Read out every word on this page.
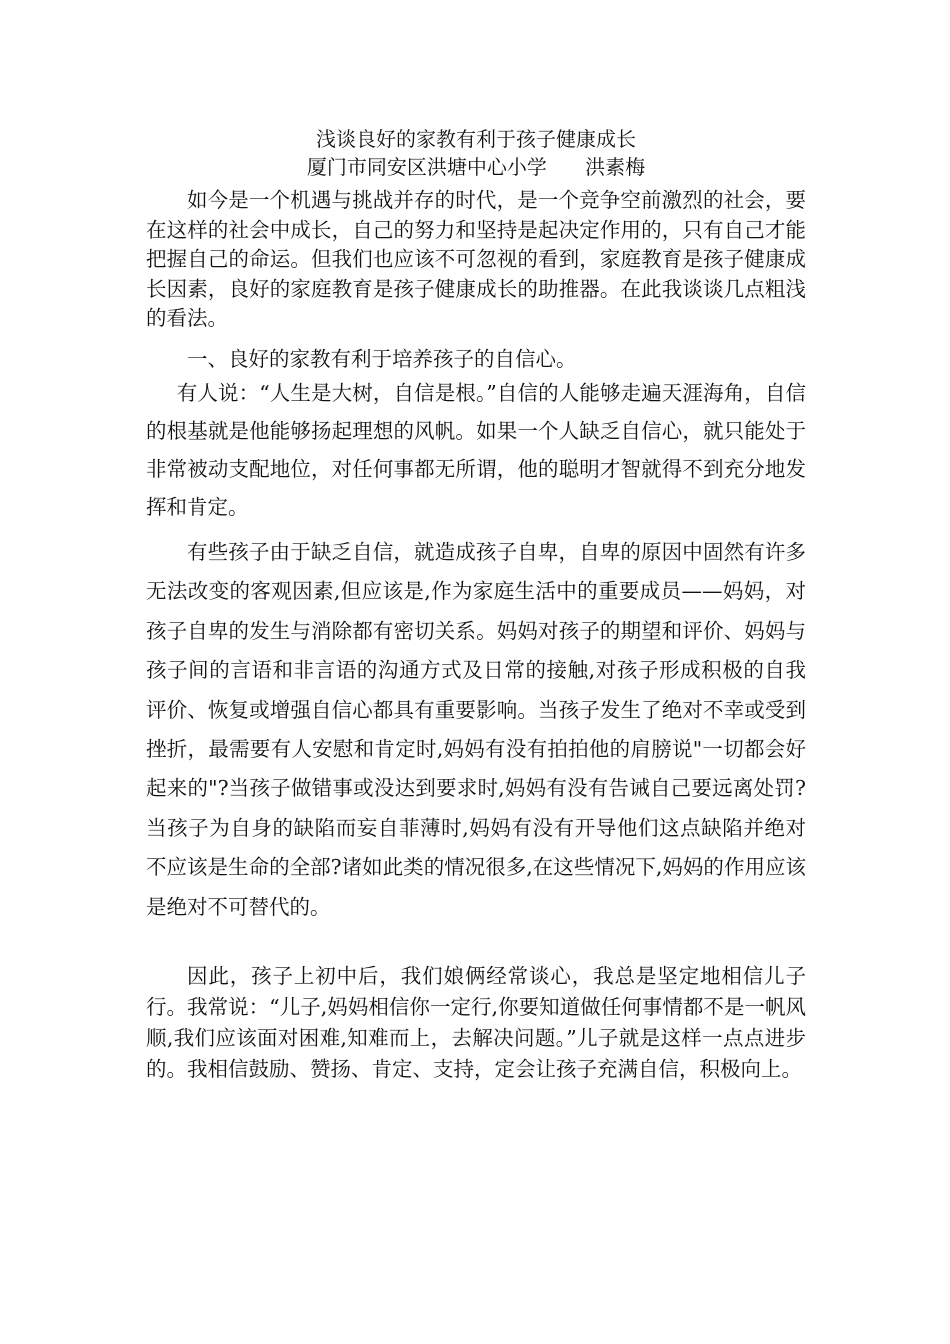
浅谈良好的家教有利于孩子健康成长
厦门市同安区洪塘中心小学      洪素梅

如今是一个机遇与挑战并存的时代，是一个竞争空前激烈的社会，要在这样的社会中成长，自己的努力和坚持是起决定作用的，只有自己才能把握自己的命运。但我们也应该不可忽视的看到，家庭教育是孩子健康成长因素，良好的家庭教育是孩子健康成长的助推器。在此我谈谈几点粗浅的看法。

一、良好的家教有利于培养孩子的自信心。

有人说：“人生是大树，自信是根。”自信的人能够走遍天涯海角，自信的根基就是他能够扬起理想的风帆。如果一个人缺乏自信心，就只能处于非常被动支配地位，对任何事都无所谓，他的聪明才智就得不到充分地发挥和肯定。

有些孩子由于缺乏自信，就造成孩子自卑，自卑的原因中固然有许多无法改变的客观因素,但应该是,作为家庭生活中的重要成员——妈妈，对孩子自卑的发生与消除都有密切关系。妈妈对孩子的期望和评价、妈妈与孩子间的言语和非言语的沟通方式及日常的接触,对孩子形成积极的自我评价、恢复或增强自信心都具有重要影响。当孩子发生了绝对不幸或受到挫折，最需要有人安慰和肯定时,妈妈有没有拍拍他的肩膀说"一切都会好起来的"?当孩子做错事或没达到要求时,妈妈有没有告诫自己要远离处罚?当孩子为自身的缺陷而妄自菲薄时,妈妈有没有开导他们这点缺陷并绝对不应该是生命的全部?诸如此类的情况很多,在这些情况下,妈妈的作用应该是绝对不可替代的。

因此，孩子上初中后，我们娘俩经常谈心，我总是坚定地相信儿子行。我常说：“儿子,妈妈相信你一定行,你要知道做任何事情都不是一帆风顺,我们应该面对困难,知难而上，去解决问题。”儿子就是这样一点点进步的。我相信鼓励、赞扬、肯定、支持，定会让孩子充满自信，积极向上。
